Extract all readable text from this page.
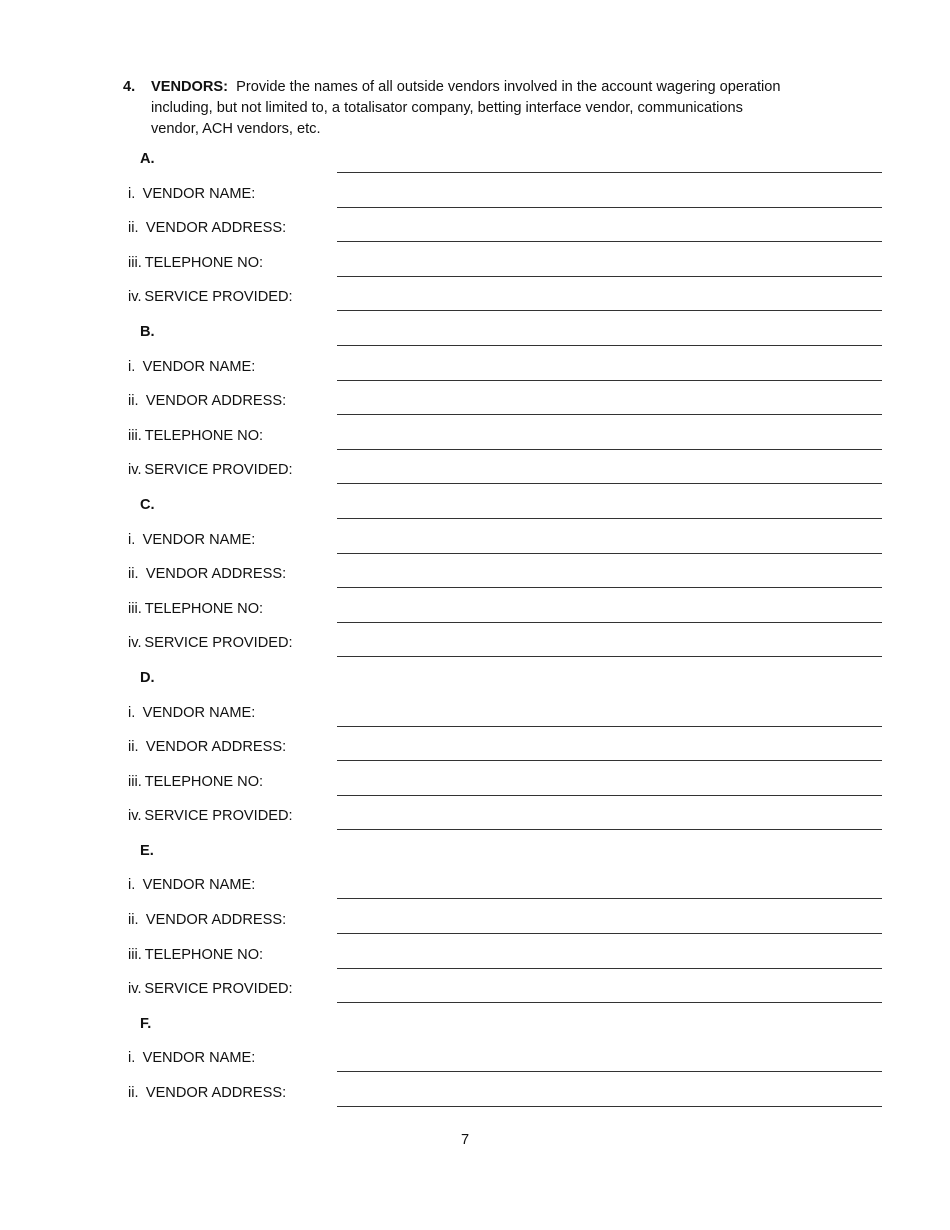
4. VENDORS: Provide the names of all outside vendors involved in the account wagering operation including, but not limited to, a totalisator company, betting interface vendor, communications vendor, ACH vendors, etc.
A.
i. VENDOR NAME:
ii. VENDOR ADDRESS:
iii. TELEPHONE NO:
iv. SERVICE PROVIDED:
B.
i. VENDOR NAME:
ii. VENDOR ADDRESS:
iii. TELEPHONE NO:
iv. SERVICE PROVIDED:
C.
i. VENDOR NAME:
ii. VENDOR ADDRESS:
iii. TELEPHONE NO:
iv. SERVICE PROVIDED:
D.
i. VENDOR NAME:
ii. VENDOR ADDRESS:
iii. TELEPHONE NO:
iv. SERVICE PROVIDED:
E.
i. VENDOR NAME:
ii. VENDOR ADDRESS:
iii. TELEPHONE NO:
iv. SERVICE PROVIDED:
F.
i. VENDOR NAME:
ii. VENDOR ADDRESS:
7
